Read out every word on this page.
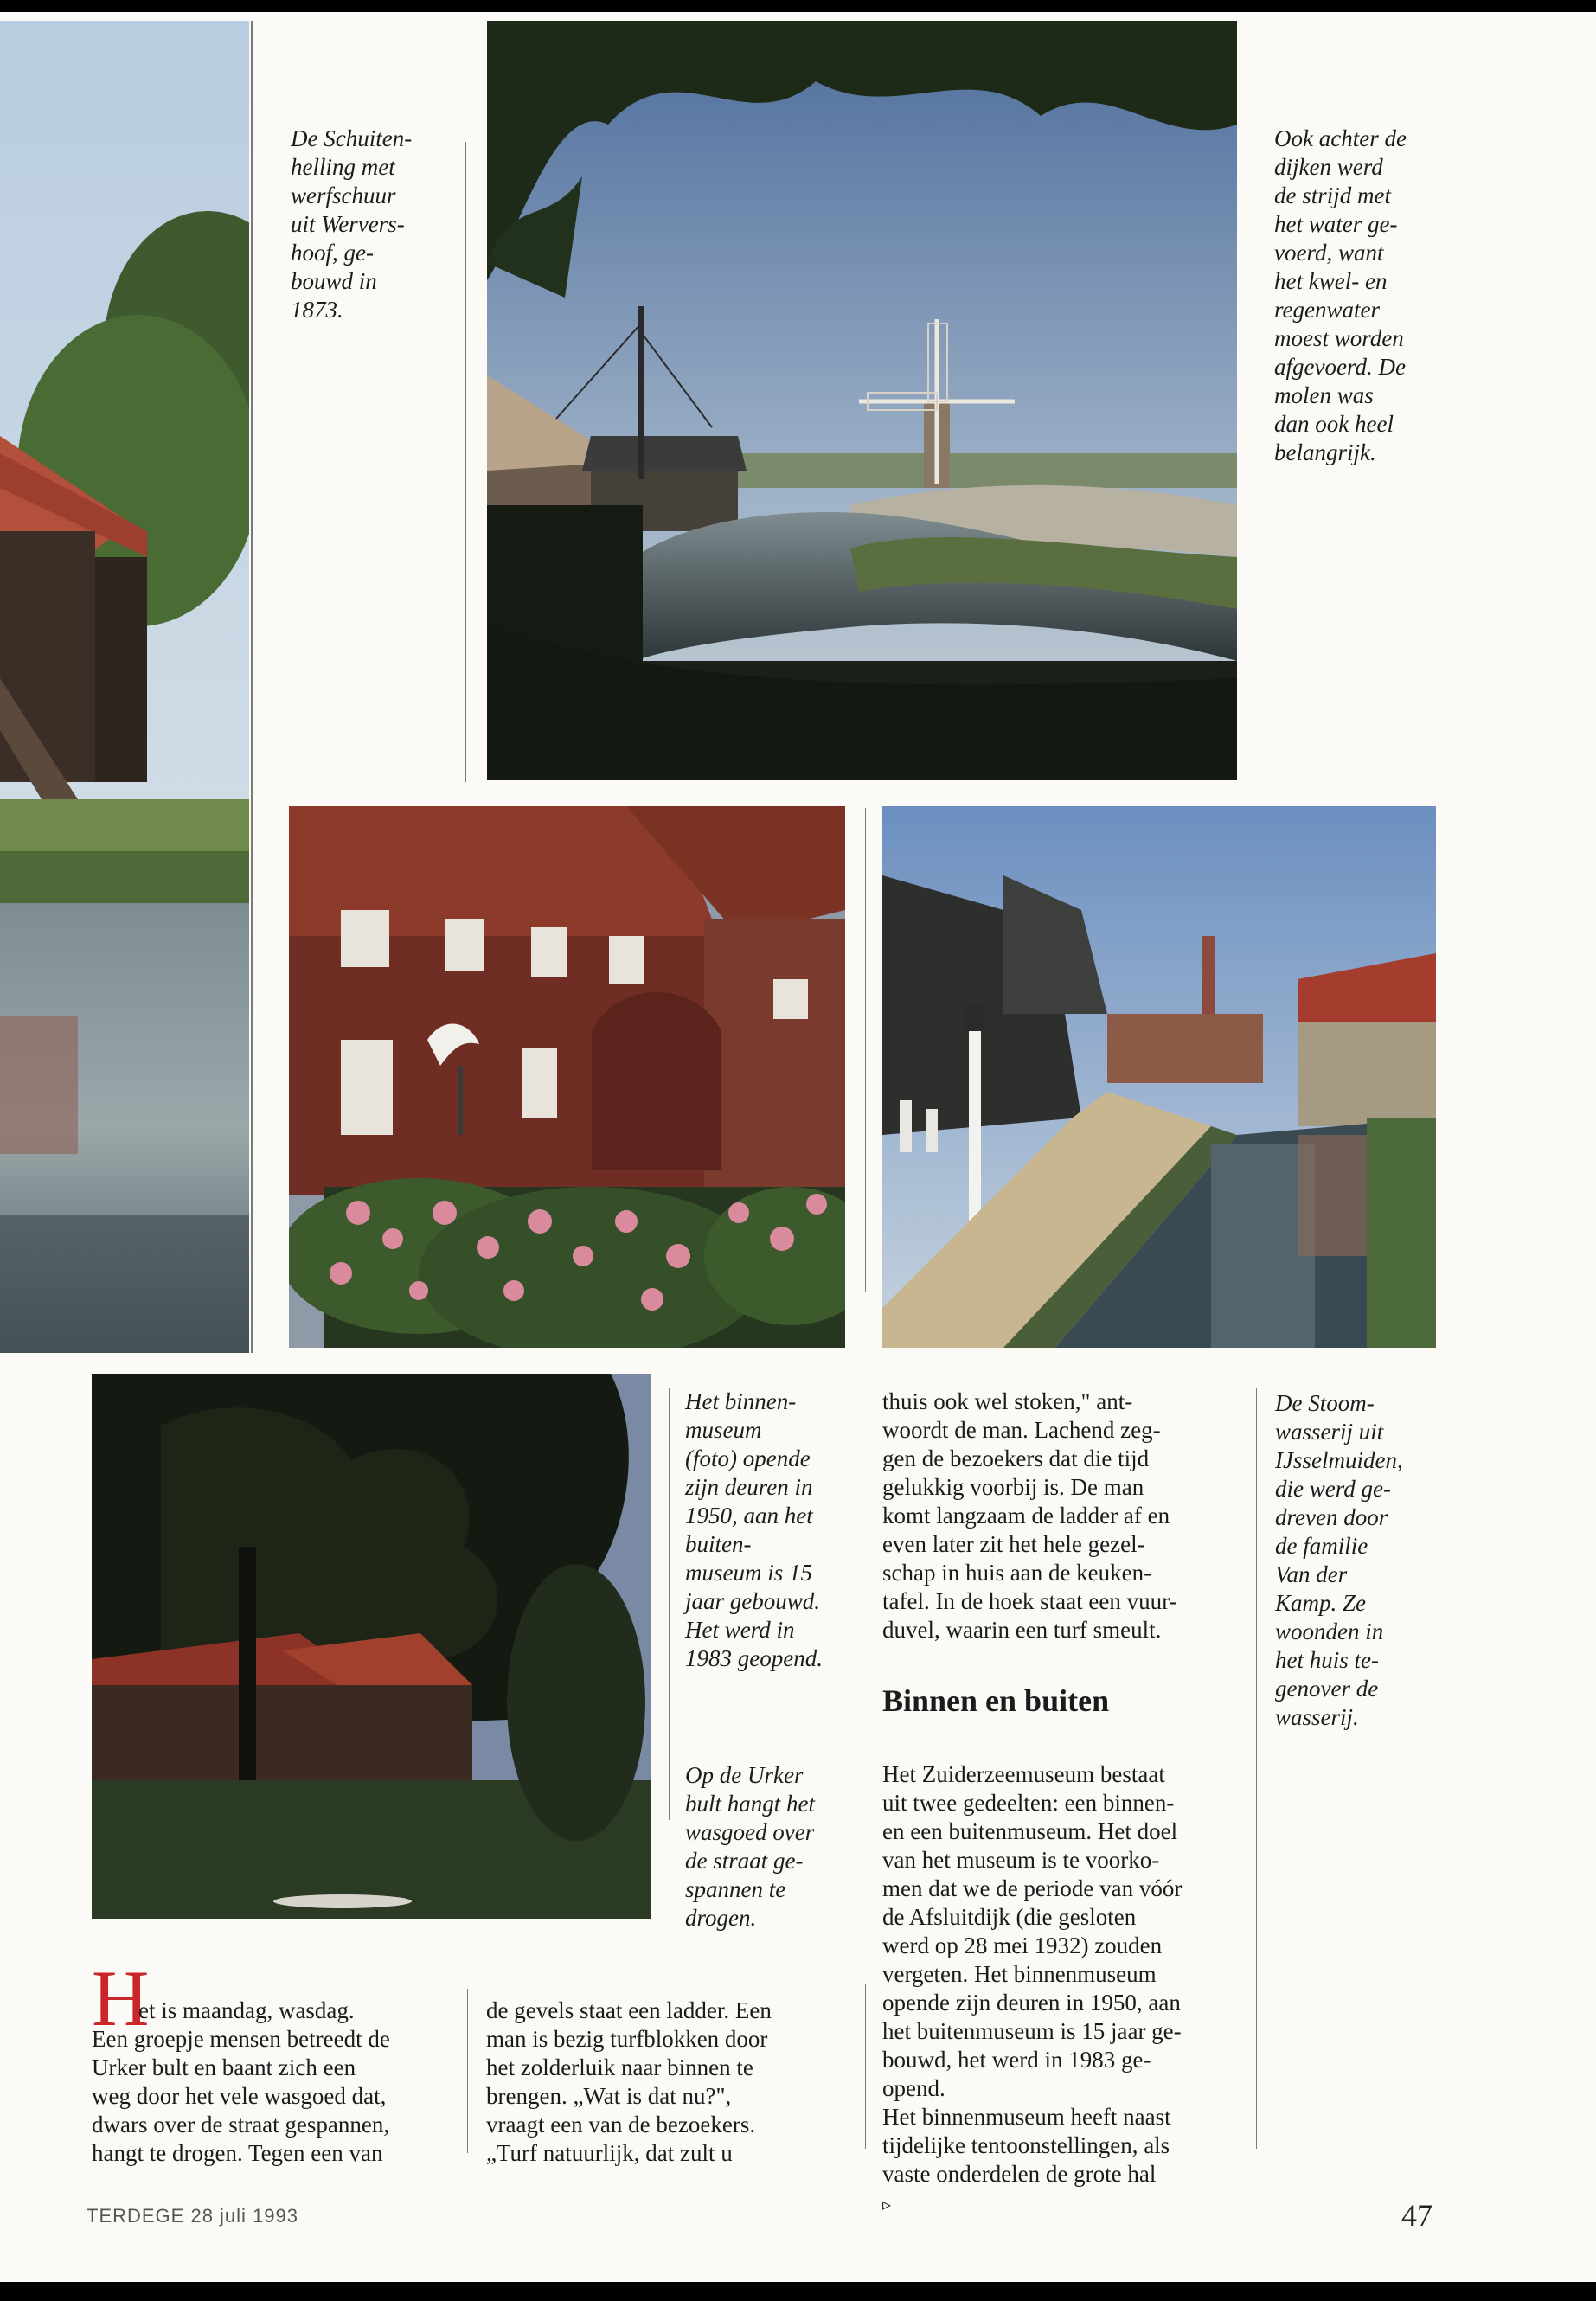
De Schuiten-
helling met
werfschuur
uit Wervers-
hoof, ge-
bouwd in
1873.
Ook achter de
dijken werd
de strijd met
het water ge-
voerd, want
het kwel- en
regenwater
moest worden
afgevoerd. De
molen was
dan ook heel
belangrijk.
Het binnen-
museum
(foto) opende
zijn deuren in
1950, aan het
buiten-
museum is 15
jaar gebouwd.
Het werd in
1983 geopend.
Op de Urker
bult hangt het
wasgoed over
de straat ge-
spannen te
drogen.
De Stoom-
wasserij uit
IJsselmuiden,
die werd ge-
dreven door
de familie
Van der
Kamp. Ze
woonden in
het huis te-
genover de
wasserij.
thuis ook wel stoken," ant-
woordt de man. Lachend zeg-
gen de bezoekers dat die tijd
gelukkig voorbij is. De man
komt langzaam de ladder af en
even later zit het hele gezel-
schap in huis aan de keuken-
tafel. In de hoek staat een vuur-
duvel, waarin een turf smeult.
Binnen en buiten

Het Zuiderzeemuseum bestaat
uit twee gedeelten: een binnen-
en een buitenmuseum. Het doel
van het museum is te voorko-
men dat we de periode van vóór
de Afsluitdijk (die gesloten
werd op 28 mei 1932) zouden
vergeten. Het binnenmuseum
opende zijn deuren in 1950, aan
het buitenmuseum is 15 jaar ge-
bouwd, het werd in 1983 ge-
opend.
Het binnenmuseum heeft naast
tijdelijke tentoonstellingen, als
vaste onderdelen de grote hal
▹

H
et is maandag, wasdag.
Een groepje mensen betreedt de
Urker bult en baant zich een
weg door het vele wasgoed dat,
dwars over de straat gespannen,
hangt te drogen. Tegen een van
de gevels staat een ladder. Een
man is bezig turfblokken door
het zolderluik naar binnen te
brengen. „Wat is dat nu?",
vraagt een van de bezoekers.
„Turf natuurlijk, dat zult u
TERDEGE 28 juli 1993	47
